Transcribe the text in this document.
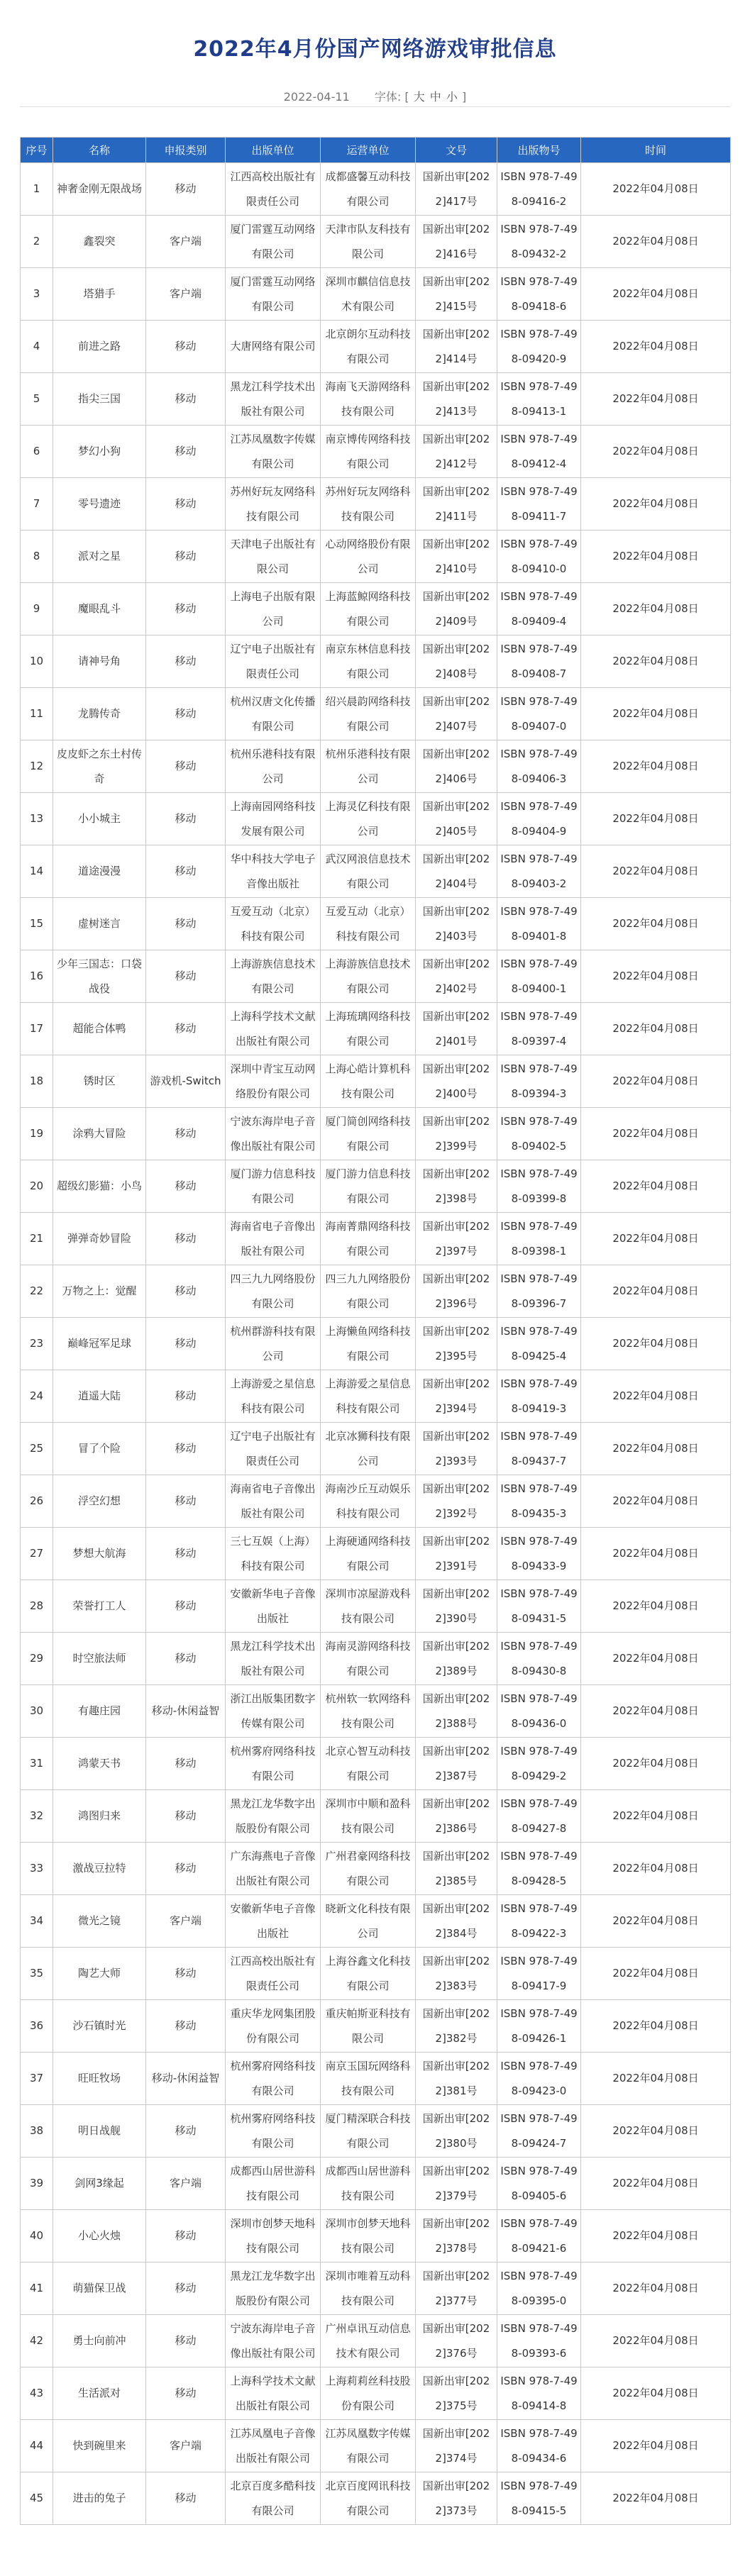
2022年4月份国产网络游戏审批信息
2022-04-11 字体: [ 大 中 小 ]
序号	名称	申报类别	出版单位	运营单位	文号	出版物号	时间
1	神奢金刚无限战场	移动	江西高校出版社有限责任公司	成都盛馨互动科技有限公司	国新出审[2022]417号	ISBN 978-7-498-09416-2	2022年04月08日
2	鑫裂突	客户端	厦门雷霆互动网络有限公司	天津市队友科技有限公司	国新出审[2022]416号	ISBN 978-7-498-09432-2	2022年04月08日
3	塔猎手	客户端	厦门雷霆互动网络有限公司	深圳市麒信信息技术有限公司	国新出审[2022]415号	ISBN 978-7-498-09418-6	2022年04月08日
4	前进之路	移动	大唐网络有限公司	北京朗尔互动科技有限公司	国新出审[2022]414号	ISBN 978-7-498-09420-9	2022年04月08日
5	指尖三国	移动	黑龙江科学技术出版社有限公司	海南飞天游网络科技有限公司	国新出审[2022]413号	ISBN 978-7-498-09413-1	2022年04月08日
6	梦幻小狗	移动	江苏凤凰数字传媒有限公司	南京博传网络科技有限公司	国新出审[2022]412号	ISBN 978-7-498-09412-4	2022年04月08日
7	零号遗迹	移动	苏州好玩友网络科技有限公司	苏州好玩友网络科技有限公司	国新出审[2022]411号	ISBN 978-7-498-09411-7	2022年04月08日
8	派对之星	移动	天津电子出版社有限公司	心动网络股份有限公司	国新出审[2022]410号	ISBN 978-7-498-09410-0	2022年04月08日
9	魔眼乱斗	移动	上海电子出版有限公司	上海蓝鲸网络科技有限公司	国新出审[2022]409号	ISBN 978-7-498-09409-4	2022年04月08日
10	请神号角	移动	辽宁电子出版社有限责任公司	南京东林信息科技有限公司	国新出审[2022]408号	ISBN 978-7-498-09408-7	2022年04月08日
11	龙腾传奇	移动	杭州汉唐文化传播有限公司	绍兴晨韵网络科技有限公司	国新出审[2022]407号	ISBN 978-7-498-09407-0	2022年04月08日
12	皮皮虾之东土村传奇	移动	杭州乐港科技有限公司	杭州乐港科技有限公司	国新出审[2022]406号	ISBN 978-7-498-09406-3	2022年04月08日
13	小小城主	移动	上海南园网络科技发展有限公司	上海灵亿科技有限公司	国新出审[2022]405号	ISBN 978-7-498-09404-9	2022年04月08日
14	道途漫漫	移动	华中科技大学电子音像出版社	武汉网浪信息技术有限公司	国新出审[2022]404号	ISBN 978-7-498-09403-2	2022年04月08日
15	虚树迷言	移动	互爱互动（北京）科技有限公司	互爱互动（北京）科技有限公司	国新出审[2022]403号	ISBN 978-7-498-09401-8	2022年04月08日
16	少年三国志：口袋战役	移动	上海游族信息技术有限公司	上海游族信息技术有限公司	国新出审[2022]402号	ISBN 978-7-498-09400-1	2022年04月08日
17	超能合体鸭	移动	上海科学技术文献出版社有限公司	上海琉璃网络科技有限公司	国新出审[2022]401号	ISBN 978-7-498-09397-4	2022年04月08日
18	锈时区	游戏机-Switch	深圳中青宝互动网络股份有限公司	上海心皓计算机科技有限公司	国新出审[2022]400号	ISBN 978-7-498-09394-3	2022年04月08日
19	涂鸦大冒险	移动	宁波东海岸电子音像出版社有限公司	厦门简创网络科技有限公司	国新出审[2022]399号	ISBN 978-7-498-09402-5	2022年04月08日
20	超级幻影猫：小鸟	移动	厦门游力信息科技有限公司	厦门游力信息科技有限公司	国新出审[2022]398号	ISBN 978-7-498-09399-8	2022年04月08日
21	弹弹奇妙冒险	移动	海南省电子音像出版社有限公司	海南菁鼎网络科技有限公司	国新出审[2022]397号	ISBN 978-7-498-09398-1	2022年04月08日
22	万物之上：觉醒	移动	四三九九网络股份有限公司	四三九九网络股份有限公司	国新出审[2022]396号	ISBN 978-7-498-09396-7	2022年04月08日
23	巅峰冠军足球	移动	杭州群游科技有限公司	上海懒鱼网络科技有限公司	国新出审[2022]395号	ISBN 978-7-498-09425-4	2022年04月08日
24	逍遥大陆	移动	上海游爱之星信息科技有限公司	上海游爱之星信息科技有限公司	国新出审[2022]394号	ISBN 978-7-498-09419-3	2022年04月08日
25	冒了个险	移动	辽宁电子出版社有限责任公司	北京冰狮科技有限公司	国新出审[2022]393号	ISBN 978-7-498-09437-7	2022年04月08日
26	浮空幻想	移动	海南省电子音像出版社有限公司	海南沙丘互动娱乐科技有限公司	国新出审[2022]392号	ISBN 978-7-498-09435-3	2022年04月08日
27	梦想大航海	移动	三七互娱（上海）科技有限公司	上海硬通网络科技有限公司	国新出审[2022]391号	ISBN 978-7-498-09433-9	2022年04月08日
28	荣誉打工人	移动	安徽新华电子音像出版社	深圳市凉屋游戏科技有限公司	国新出审[2022]390号	ISBN 978-7-498-09431-5	2022年04月08日
29	时空旅法师	移动	黑龙江科学技术出版社有限公司	海南灵游网络科技有限公司	国新出审[2022]389号	ISBN 978-7-498-09430-8	2022年04月08日
30	有趣庄园	移动-休闲益智	浙江出版集团数字传媒有限公司	杭州软一软网络科技有限公司	国新出审[2022]388号	ISBN 978-7-498-09436-0	2022年04月08日
31	鸿蒙天书	移动	杭州雾府网络科技有限公司	北京心智互动科技有限公司	国新出审[2022]387号	ISBN 978-7-498-09429-2	2022年04月08日
32	鸿图归来	移动	黑龙江龙华数字出版股份有限公司	深圳市中顺和盈科技有限公司	国新出审[2022]386号	ISBN 978-7-498-09427-8	2022年04月08日
33	激战豆拉特	移动	广东海燕电子音像出版社有限公司	广州君豪网络科技有限公司	国新出审[2022]385号	ISBN 978-7-498-09428-5	2022年04月08日
34	微光之镜	客户端	安徽新华电子音像出版社	晓新文化科技有限公司	国新出审[2022]384号	ISBN 978-7-498-09422-3	2022年04月08日
35	陶艺大师	移动	江西高校出版社有限责任公司	上海谷鑫文化科技有限公司	国新出审[2022]383号	ISBN 978-7-498-09417-9	2022年04月08日
36	沙石镇时光	移动	重庆华龙网集团股份有限公司	重庆帕斯亚科技有限公司	国新出审[2022]382号	ISBN 978-7-498-09426-1	2022年04月08日
37	旺旺牧场	移动-休闲益智	杭州雾府网络科技有限公司	南京玉国玩网络科技有限公司	国新出审[2022]381号	ISBN 978-7-498-09423-0	2022年04月08日
38	明日战舰	移动	杭州雾府网络科技有限公司	厦门精深联合科技有限公司	国新出审[2022]380号	ISBN 978-7-498-09424-7	2022年04月08日
39	剑网3缘起	客户端	成都西山居世游科技有限公司	成都西山居世游科技有限公司	国新出审[2022]379号	ISBN 978-7-498-09405-6	2022年04月08日
40	小心火烛	移动	深圳市创梦天地科技有限公司	深圳市创梦天地科技有限公司	国新出审[2022]378号	ISBN 978-7-498-09421-6	2022年04月08日
41	萌猫保卫战	移动	黑龙江龙华数字出版股份有限公司	深圳市唯着互动科技有限公司	国新出审[2022]377号	ISBN 978-7-498-09395-0	2022年04月08日
42	勇士向前冲	移动	宁波东海岸电子音像出版社有限公司	广州卓讯互动信息技术有限公司	国新出审[2022]376号	ISBN 978-7-498-09393-6	2022年04月08日
43	生活派对	移动	上海科学技术文献出版社有限公司	上海莉莉丝科技股份有限公司	国新出审[2022]375号	ISBN 978-7-498-09414-8	2022年04月08日
44	快到碗里来	客户端	江苏凤凰电子音像出版社有限公司	江苏凤凰数字传媒有限公司	国新出审[2022]374号	ISBN 978-7-498-09434-6	2022年04月08日
45	进击的兔子	移动	北京百度多酷科技有限公司	北京百度网讯科技有限公司	国新出审[2022]373号	ISBN 978-7-498-09415-5	2022年04月08日
